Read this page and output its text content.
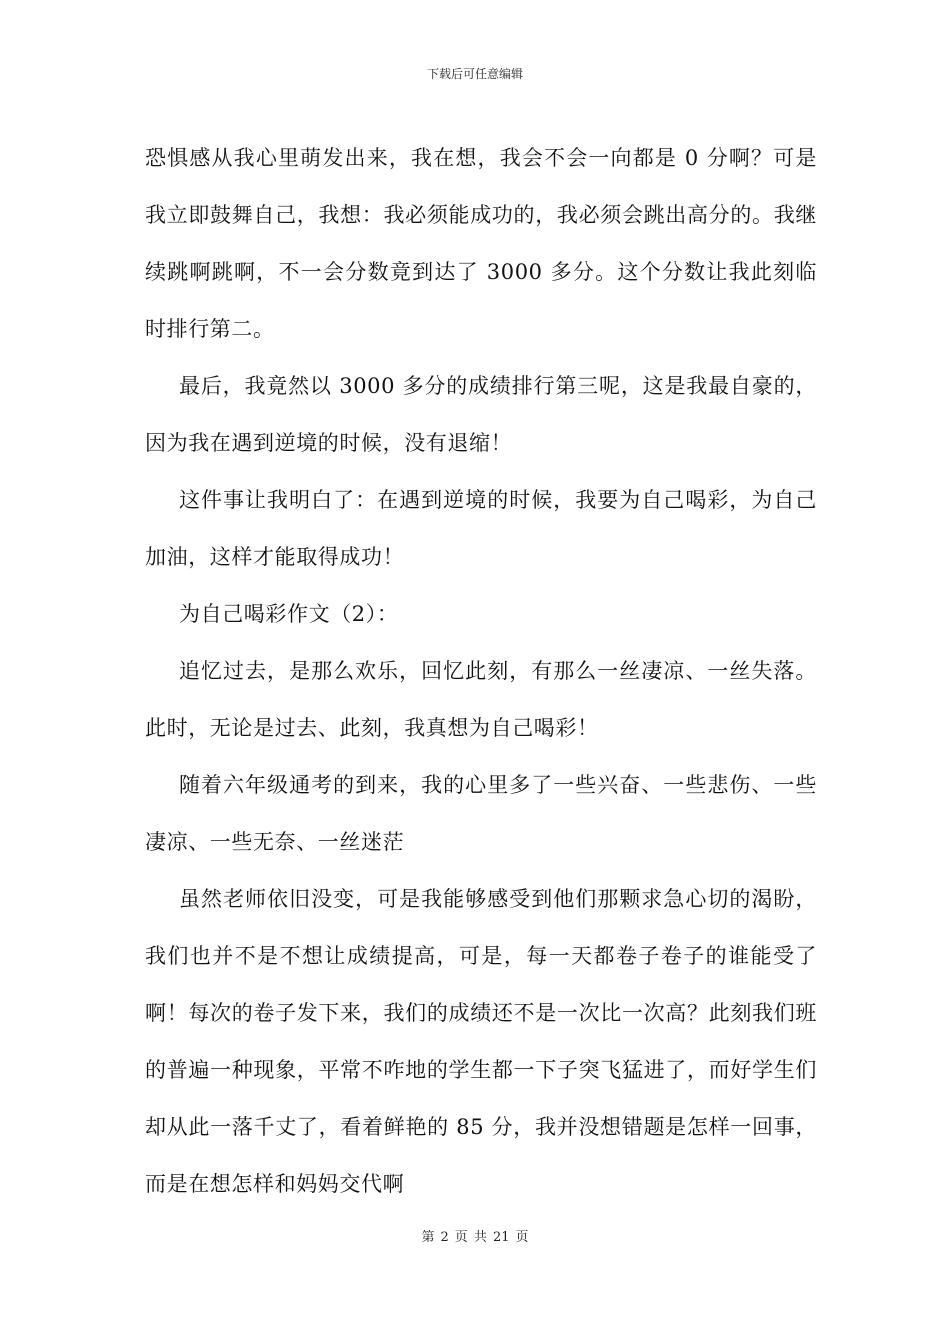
下载后可任意编辑

恐惧感从我心里萌发出来，我在想，我会不会一向都是 0 分啊？可是我立即鼓舞自己，我想：我必须能成功的，我必须会跳出高分的。我继续跳啊跳啊，不一会分数竟到达了 3000 多分。这个分数让我此刻临时排行第二。

最后，我竟然以 3000 多分的成绩排行第三呢，这是我最自豪的，因为我在遇到逆境的时候，没有退缩！

这件事让我明白了：在遇到逆境的时候，我要为自己喝彩，为自己加油，这样才能取得成功！

为自己喝彩作文（2）：

追忆过去，是那么欢乐，回忆此刻，有那么一丝凄凉、一丝失落。此时，无论是过去、此刻，我真想为自己喝彩！

随着六年级通考的到来，我的心里多了一些兴奋、一些悲伤、一些凄凉、一些无奈、一丝迷茫

虽然老师依旧没变，可是我能够感受到他们那颗求急心切的渴盼，我们也并不是不想让成绩提高，可是，每一天都卷子卷子的谁能受了啊！每次的卷子发下来，我们的成绩还不是一次比一次高？此刻我们班的普遍一种现象，平常不咋地的学生都一下子突飞猛进了，而好学生们却从此一落千丈了，看着鲜艳的 85 分，我并没想错题是怎样一回事，而是在想怎样和妈妈交代啊

第 2 页 共 21 页
